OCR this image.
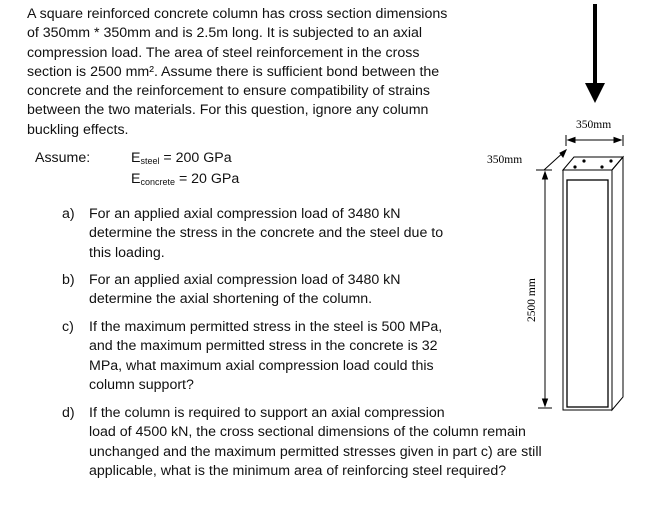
A square reinforced concrete column has cross section dimensions
of 350mm * 350mm and is 2.5m long. It is subjected to an axial
compression load. The area of steel reinforcement in the cross
section is 2500 mm². Assume there is sufficient bond between the
concrete and the reinforcement to ensure compatibility of strains
between the two materials. For this question, ignore any column
buckling effects.
Assume:	$E_{steel} = 200$ GPa
$E_{concrete} = 20$ GPa
a) For an applied axial compression load of 3480 kN
determine the stress in the concrete and the steel due to
this loading.
b) For an applied axial compression load of 3480 kN
determine the axial shortening of the column.
c) If the maximum permitted stress in the steel is 500 MPa,
and the maximum permitted stress in the concrete is 32
MPa, what maximum axial compression load could this
column support?
d) If the column is required to support an axial compression
load of 4500 kN, the cross sectional dimensions of the column remain
unchanged and the maximum permitted stresses given in part c) are still
applicable, what is the minimum area of reinforcing steel required?
350mm
350mm
2500 mm
